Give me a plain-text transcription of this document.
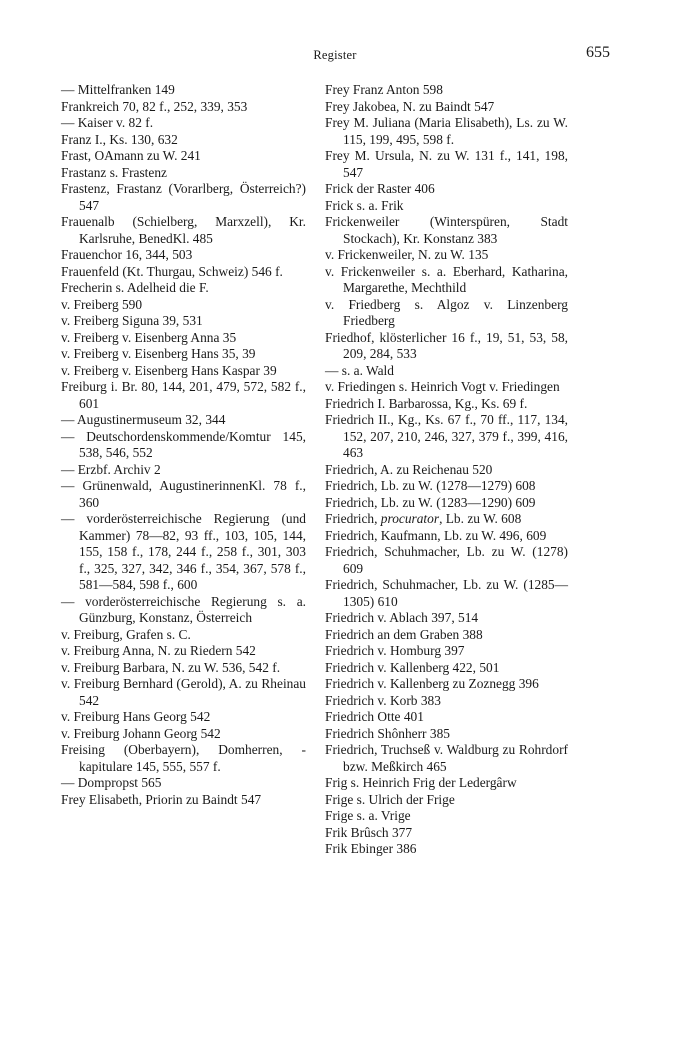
Register	655

— Mittelfranken 149

Frankreich 70, 82 f., 252, 339, 353

— Kaiser v. 82 f.

Franz I., Ks. 130, 632

Frast, OAmann zu W. 241

Frastanz s. Frastenz

Frastenz, Frastanz (Vorarlberg, Österreich?) 547

Frauenalb (Schielberg, Marxzell), Kr. Karlsruhe, BenedKl. 485

Frauenchor 16, 344, 503

Frauenfeld (Kt. Thurgau, Schweiz) 546 f.

Frecherin s. Adelheid die F.

v. Freiberg 590

v. Freiberg Siguna 39, 531

v. Freiberg v. Eisenberg Anna 35

v. Freiberg v. Eisenberg Hans 35, 39

v. Freiberg v. Eisenberg Hans Kaspar 39

Freiburg i. Br. 80, 144, 201, 479, 572, 582 f., 601

— Augustinermuseum 32, 344

— Deutschordenskommende/Komtur 145, 538, 546, 552

— Erzbf. Archiv 2

— Grünenwald, AugustinerinnenKl. 78 f., 360

— vorderösterreichische Regierung (und Kammer) 78—82, 93 ff., 103, 105, 144, 155, 158 f., 178, 244 f., 258 f., 301, 303 f., 325, 327, 342, 346 f., 354, 367, 578 f., 581—584, 598 f., 600

— vorderösterreichische Regierung s. a. Günzburg, Konstanz, Österreich

v. Freiburg, Grafen s. C.

v. Freiburg Anna, N. zu Riedern 542

v. Freiburg Barbara, N. zu W. 536, 542 f.

v. Freiburg Bernhard (Gerold), A. zu Rheinau 542

v. Freiburg Hans Georg 542

v. Freiburg Johann Georg 542

Freising (Oberbayern), Domherren, -kapitulare 145, 555, 557 f.

— Dompropst 565

Frey Elisabeth, Priorin zu Baindt 547

Frey Franz Anton 598

Frey Jakobea, N. zu Baindt 547

Frey M. Juliana (Maria Elisabeth), Ls. zu W. 115, 199, 495, 598 f.

Frey M. Ursula, N. zu W. 131 f., 141, 198, 547

Frick der Raster 406

Frick s. a. Frik

Frickenweiler (Winterspüren, Stadt Stockach), Kr. Konstanz 383

v. Frickenweiler, N. zu W. 135

v. Frickenweiler s. a. Eberhard, Katharina, Margarethe, Mechthild

v. Friedberg s. Algoz v. Linzenberg Friedberg

Friedhof, klösterlicher 16 f., 19, 51, 53, 58, 209, 284, 533

— s. a. Wald

v. Friedingen s. Heinrich Vogt v. Friedingen

Friedrich I. Barbarossa, Kg., Ks. 69 f.

Friedrich II., Kg., Ks. 67 f., 70 ff., 117, 134, 152, 207, 210, 246, 327, 379 f., 399, 416, 463

Friedrich, A. zu Reichenau 520

Friedrich, Lb. zu W. (1278—1279) 608

Friedrich, Lb. zu W. (1283—1290) 609

Friedrich, procurator, Lb. zu W. 608

Friedrich, Kaufmann, Lb. zu W. 496, 609

Friedrich, Schuhmacher, Lb. zu W. (1278) 609

Friedrich, Schuhmacher, Lb. zu W. (1285—1305) 610

Friedrich v. Ablach 397, 514

Friedrich an dem Graben 388

Friedrich v. Homburg 397

Friedrich v. Kallenberg 422, 501

Friedrich v. Kallenberg zu Zoznegg 396

Friedrich v. Korb 383

Friedrich Otte 401

Friedrich Shônherr 385

Friedrich, Truchseß v. Waldburg zu Rohrdorf bzw. Meßkirch 465

Frig s. Heinrich Frig der Ledergârw

Frige s. Ulrich der Frige

Frige s. a. Vrige

Frik Brûsch 377

Frik Ebinger 386
